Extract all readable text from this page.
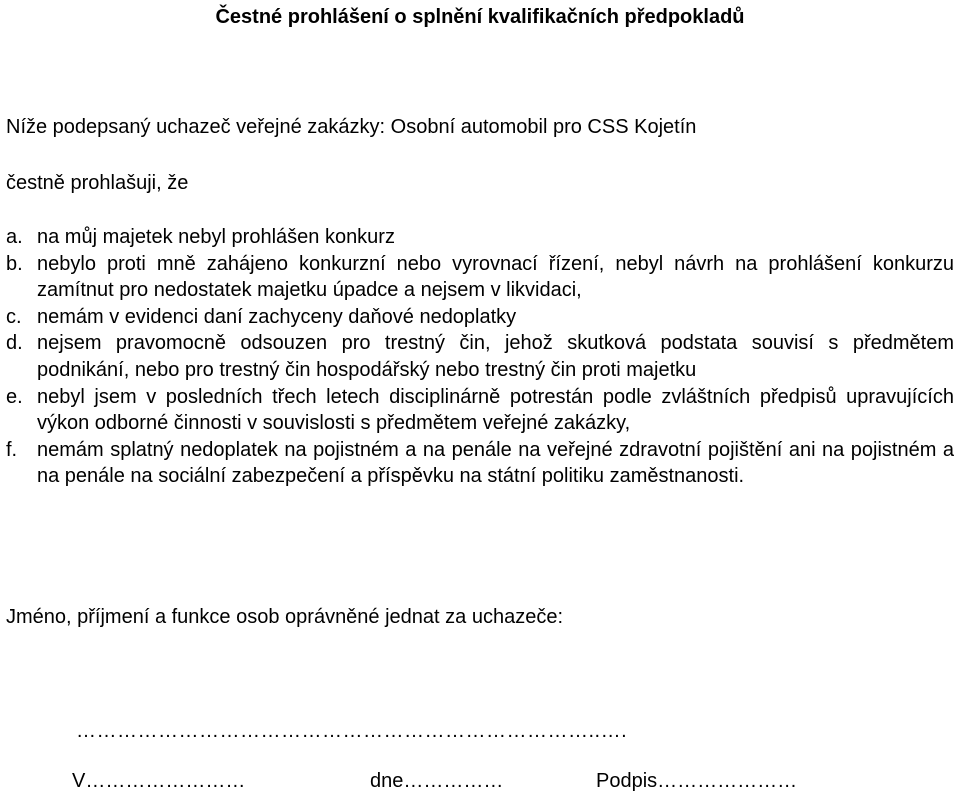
Čestné prohlášení o splnění kvalifikačních předpokladů
Níže podepsaný uchazeč veřejné zakázky: Osobní automobil pro CSS Kojetín
čestně prohlašuji, že
a. na můj majetek nebyl prohlášen konkurz
b. nebylo proti mně zahájeno konkurzní nebo vyrovnací řízení, nebyl návrh na prohlášení konkurzu zamítnut pro nedostatek majetku úpadce a nejsem v likvidaci,
c. nemám v evidenci daní zachyceny daňové nedoplatky
d. nejsem pravomocně odsouzen pro trestný čin, jehož skutková podstata souvisí s předmětem podnikání, nebo pro trestný čin hospodářský nebo trestný čin proti majetku
e. nebyl jsem v posledních třech letech disciplinárně potrestán podle zvláštních předpisů upravujících výkon odborné činnosti v souvislosti s předmětem veřejné zakázky,
f. nemám splatný nedoplatek na pojistném a na penále na veřejné zdravotní pojištění ani na pojistném a na penále na sociální zabezpečení a příspěvku na státní politiku zaměstnanosti.
Jméno, příjmení a funkce osob oprávněné jednat za uchazeče:
…………………………………………………………………..….
V……………………	dne……………	Podpis…………………
